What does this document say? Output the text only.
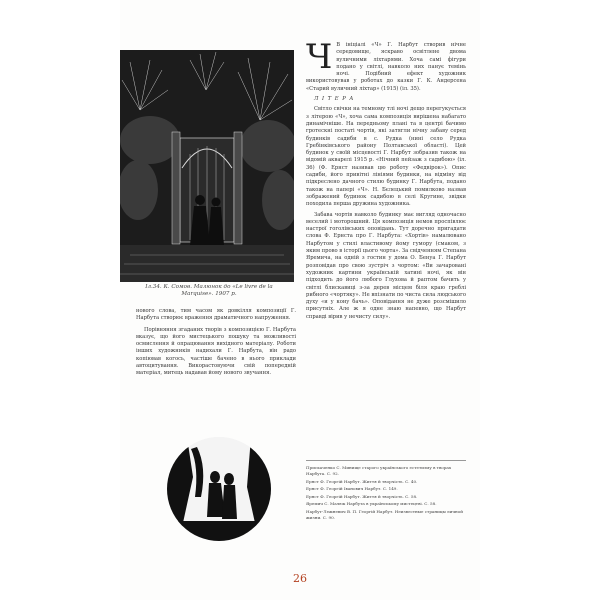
Іл.34. К. Сомов. Малюнок до «Le livre de la Marquise». 1907 р.

нового слова, тим часом як довкілля композиції Г. Нарбута створює враження драматичного напруження.

Порівняння згаданих творів з композицією Г. Нарбута вказує, що його мистецького пошуку та можливості осмислення й опрацювання вихідного матеріалу. Роботи інших художників надихали Г. Нарбута, він радо копіював когось, частіше бачено в нього приклади автоцитування. Викорастовуючи свій попередній матеріал, митець надавав йому нового звучання.

Ч В ініціалі «Ч» Г. Нарбут створив нічне середовище, яскраво освітлене двома вуличними ліхтарями. Хоча самі фігури подано у світлі, навколо них панує темінь ночі. Подібний ефект художник використовував у роботах до казки Г. К. Андерсена «Старий вуличний ліхтар» (1915) (іл. 35).

Л І Т Е Р А

Світло свічки на темному тлі ночі дещо перегукується з літерою «Ч», хоча сама композиція вирішена набагато динамічніше. На передньому плані та в центрі бачимо гротескні постаті чортів, які затягли нічну забаву серед будинків садиби в с. Рудка (нині село Рудка Гребінківського району Полтавської області). Цей будинок у своїй місцевості Г. Нарбут зобразив також на відомій акварелі 1915 р. «Нічний пейзаж з садибою» (іл. 36) (Ф. Ернст називав цю роботу «Федвірок»). Опис садиби, його привітні лініями будинки, на відміну від підкреслено дачного стилю будинку Г. Нарбута, подано також на папері «Ч». Н. Бєлецький помилково назвав зображений будинок садибою в селі Кругине, звідки походила перша дружина художника.

Забава чортів навколо будинку має вигляд одночасно веселий і моторошний. Ця композиція немов проспівлює настрої гоголівських оповідань. Тут доречно пригадати слова Ф. Ернста про Г. Нарбута: «Хортів» намалювано Нарбутом у стилі властивому йому гумору (смаком, з яким прово в історії цього чорта». За свідченням Степана Яремича, на одній з гостин у дома О. Бенуа Г. Нарбут розповідав про свою зустріч з чортом: «Ви зачаровані художник картини українській хатині ночі, як він підходить до його любого Глухова й раптом бачить у світлі блискавиці з-за дерев місцем біля краю греблі рибного «чортяку». Не впізнати по чиста сила людського духу «и у кону бачь». Оповідання не дуже розсмішило присутніх. Але ж я одне знаю напевно, що Нарбут справді вірив у нечисту силу».

Прискаченко С. Минище старого українського естетизму в творах Нарбута. С. 92.
Ернст Ф. Георгій Нарбут. Життя й творчість. С. 40.
Ернст Ф. Георгій Іванович Нарбут. С. 149.
Ернст Ф. Георгій Нарбут. Життя й творчість. С. 58.
Яремич С. Малюк Нарбута в українському мистецтві. С. 58.
Нарбут-Лежневич В. П. Георгій Нарбут. Неизвестные страницы личной жизни. С. 90.
26
